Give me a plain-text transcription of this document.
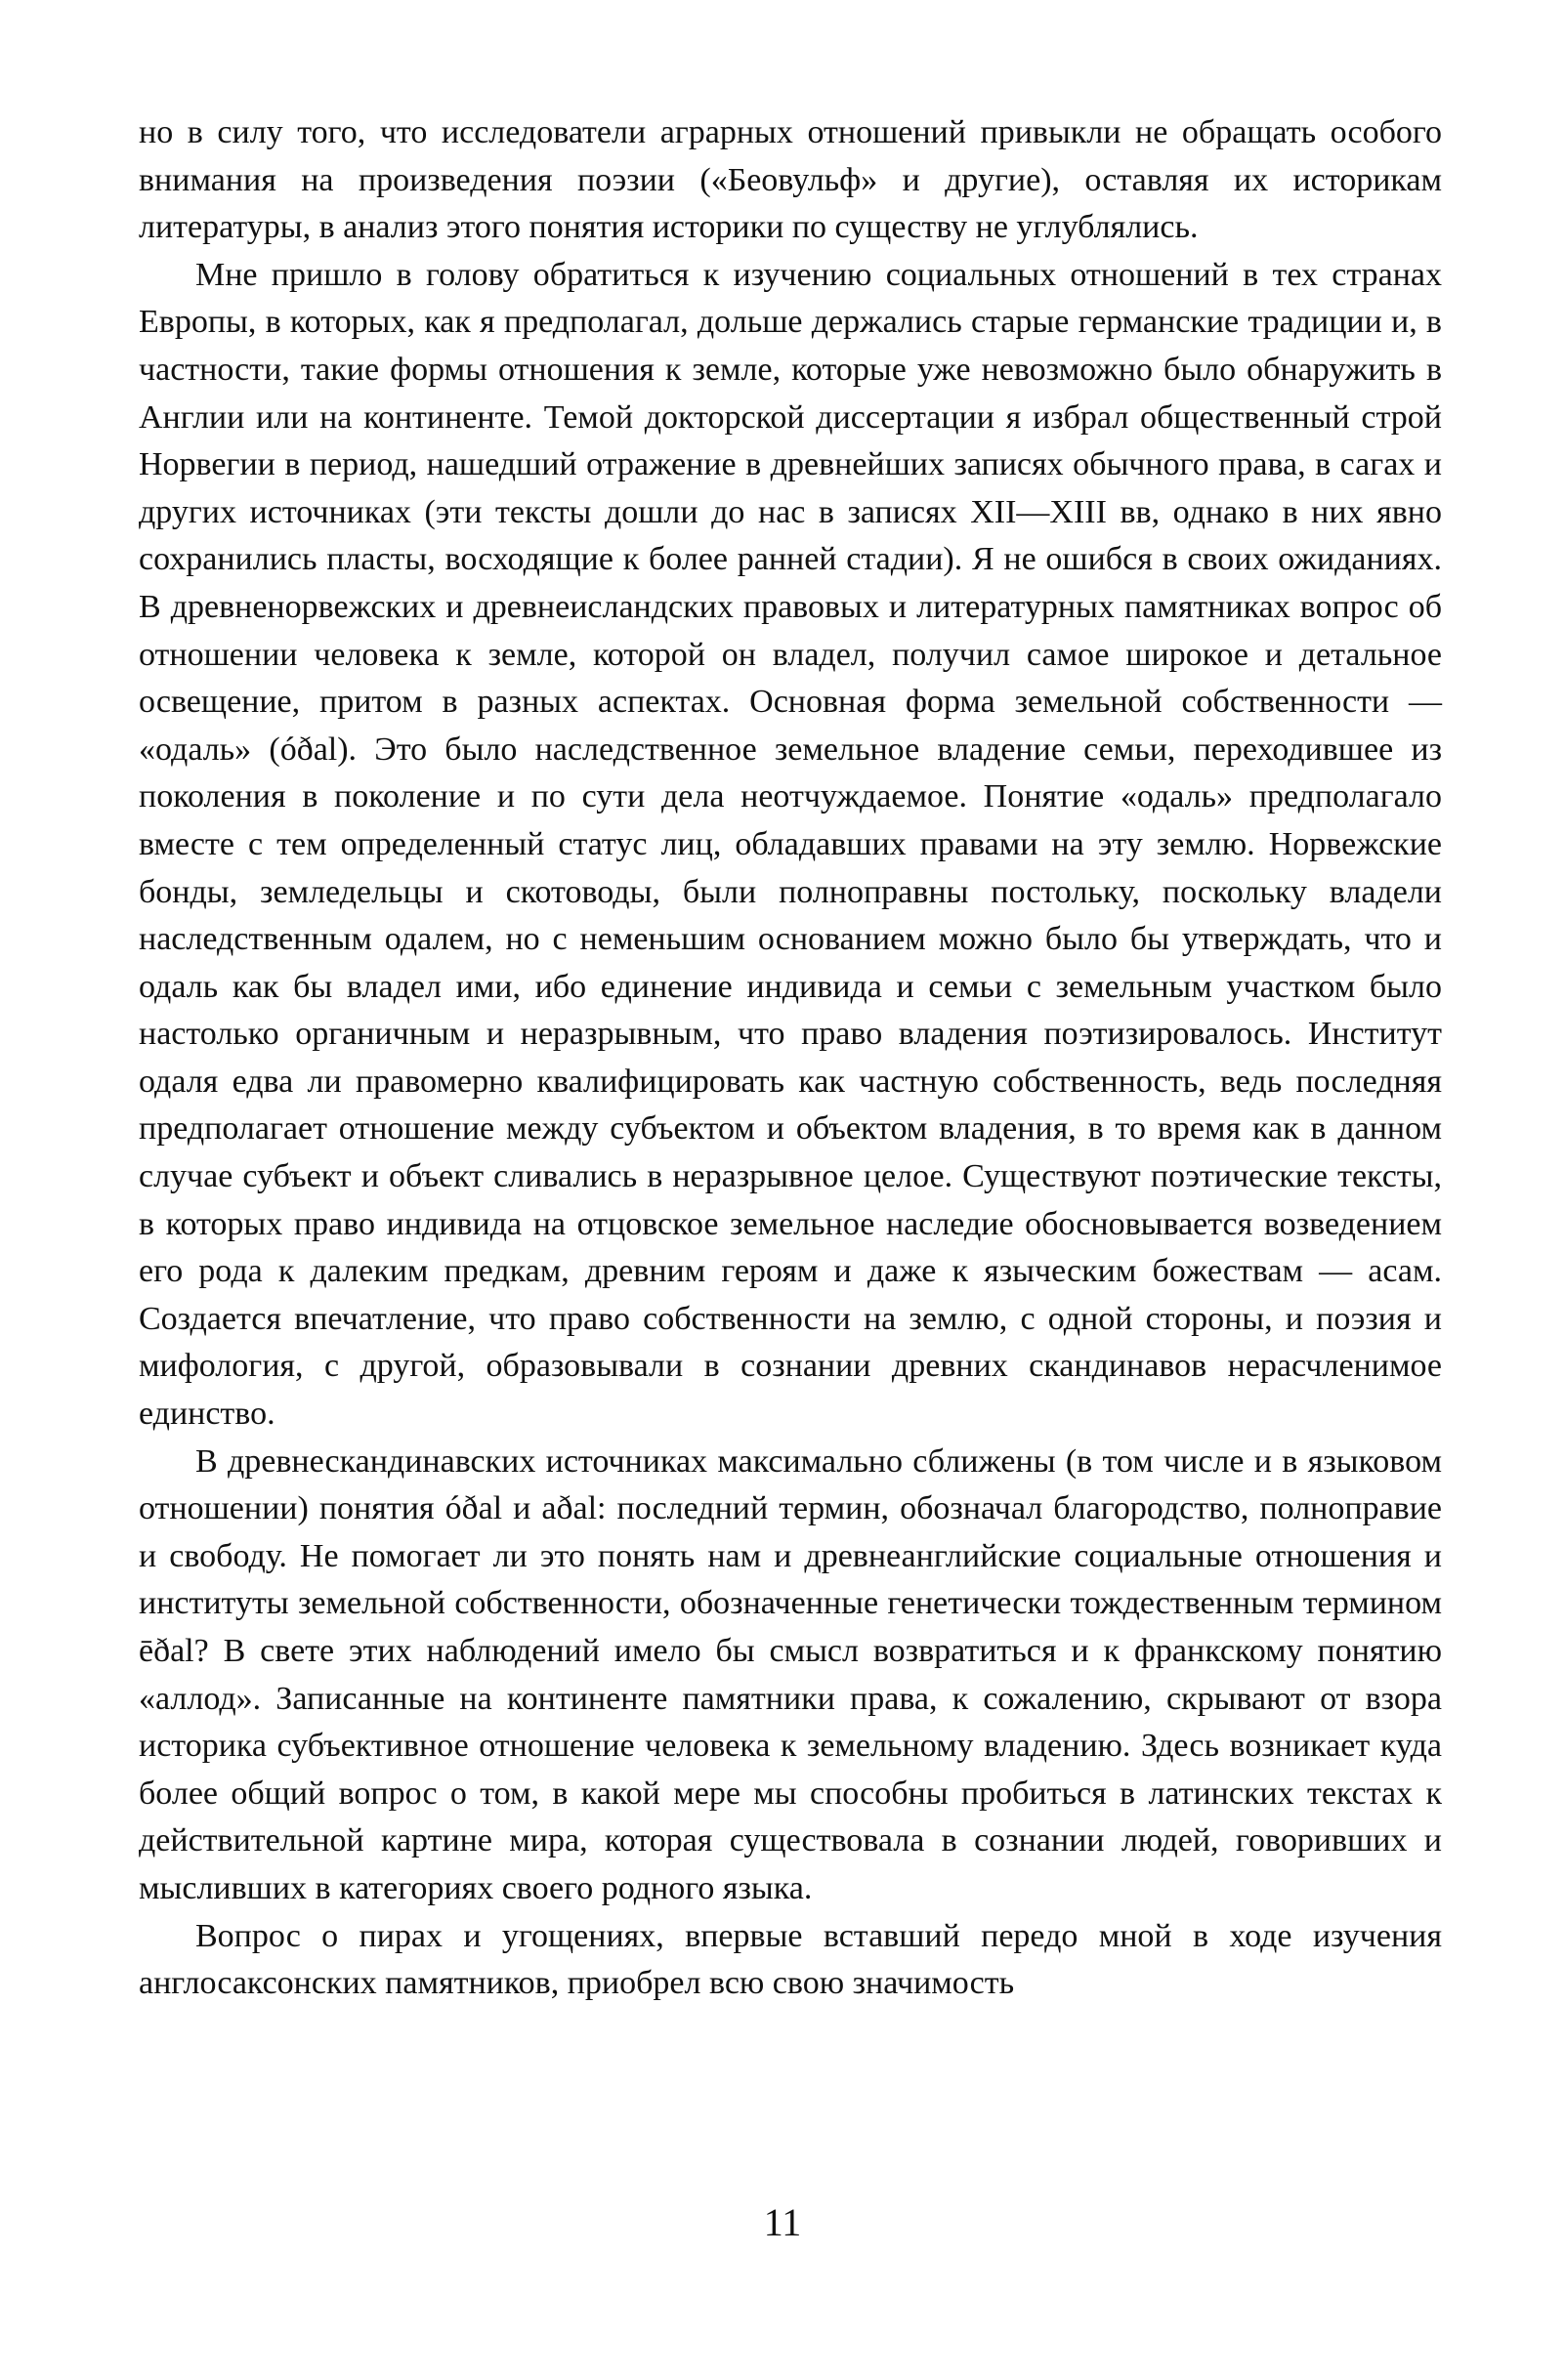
но в силу того, что исследователи аграрных отношений привыкли не обращать особого внимания на произведения поэзии («Беовульф» и другие), оставляя их историкам литературы, в анализ этого понятия историки по существу не углублялись.

Мне пришло в голову обратиться к изучению социальных отношений в тех странах Европы, в которых, как я предполагал, дольше держались старые германские традиции и, в частности, такие формы отношения к земле, которые уже невозможно было обнаружить в Англии или на континенте. Темой докторской диссертации я избрал общественный строй Норвегии в период, нашедший отражение в древнейших записях обычного права, в сагах и других источниках (эти тексты дошли до нас в записях XII—XIII вв, однако в них явно сохранились пласты, восходящие к более ранней стадии). Я не ошибся в своих ожиданиях. В древненорвежских и древнеисландских правовых и литературных памятниках вопрос об отношении человека к земле, которой он владел, получил самое широкое и детальное освещение, притом в разных аспектах. Основная форма земельной собственности — «одаль» (óðal). Это было наследственное земельное владение семьи, переходившее из поколения в поколение и по сути дела неотчуждаемое. Понятие «одаль» предполагало вместе с тем определенный статус лиц, обладавших правами на эту землю. Норвежские бонды, земледельцы и скотоводы, были полноправны постольку, поскольку владели наследственным одалем, но с неменьшим основанием можно было бы утверждать, что и одаль как бы владел ими, ибо единение индивида и семьи с земельным участком было настолько органичным и неразрывным, что право владения поэтизировалось. Институт одаля едва ли правомерно квалифицировать как частную собственность, ведь последняя предполагает отношение между субъектом и объектом владения, в то время как в данном случае субъект и объект сливались в неразрывное целое. Существуют поэтические тексты, в которых право индивида на отцовское земельное наследие обосновывается возведением его рода к далеким предкам, древним героям и даже к языческим божествам — асам. Создается впечатление, что право собственности на землю, с одной стороны, и поэзия и мифология, с другой, образовывали в сознании древних скандинавов нерасчленимое единство.

В древнескандинавских источниках максимально сближены (в том числе и в языковом отношении) понятия óðal и aðal: последний термин, обозначал благородство, полноправие и свободу. Не помогает ли это понять нам и древнеанглийские социальные отношения и институты земельной собственности, обозначенные генетически тождественным термином ēðal? В свете этих наблюдений имело бы смысл возвратиться и к франкскому понятию «аллод». Записанные на континенте памятники права, к сожалению, скрывают от взора историка субъективное отношение человека к земельному владению. Здесь возникает куда более общий вопрос о том, в какой мере мы способны пробиться в латинских текстах к действительной картине мира, которая существовала в сознании людей, говоривших и мысливших в категориях своего родного языка.

Вопрос о пирах и угощениях, впервые вставший передо мной в ходе изучения англосаксонских памятников, приобрел всю свою значимость

11
